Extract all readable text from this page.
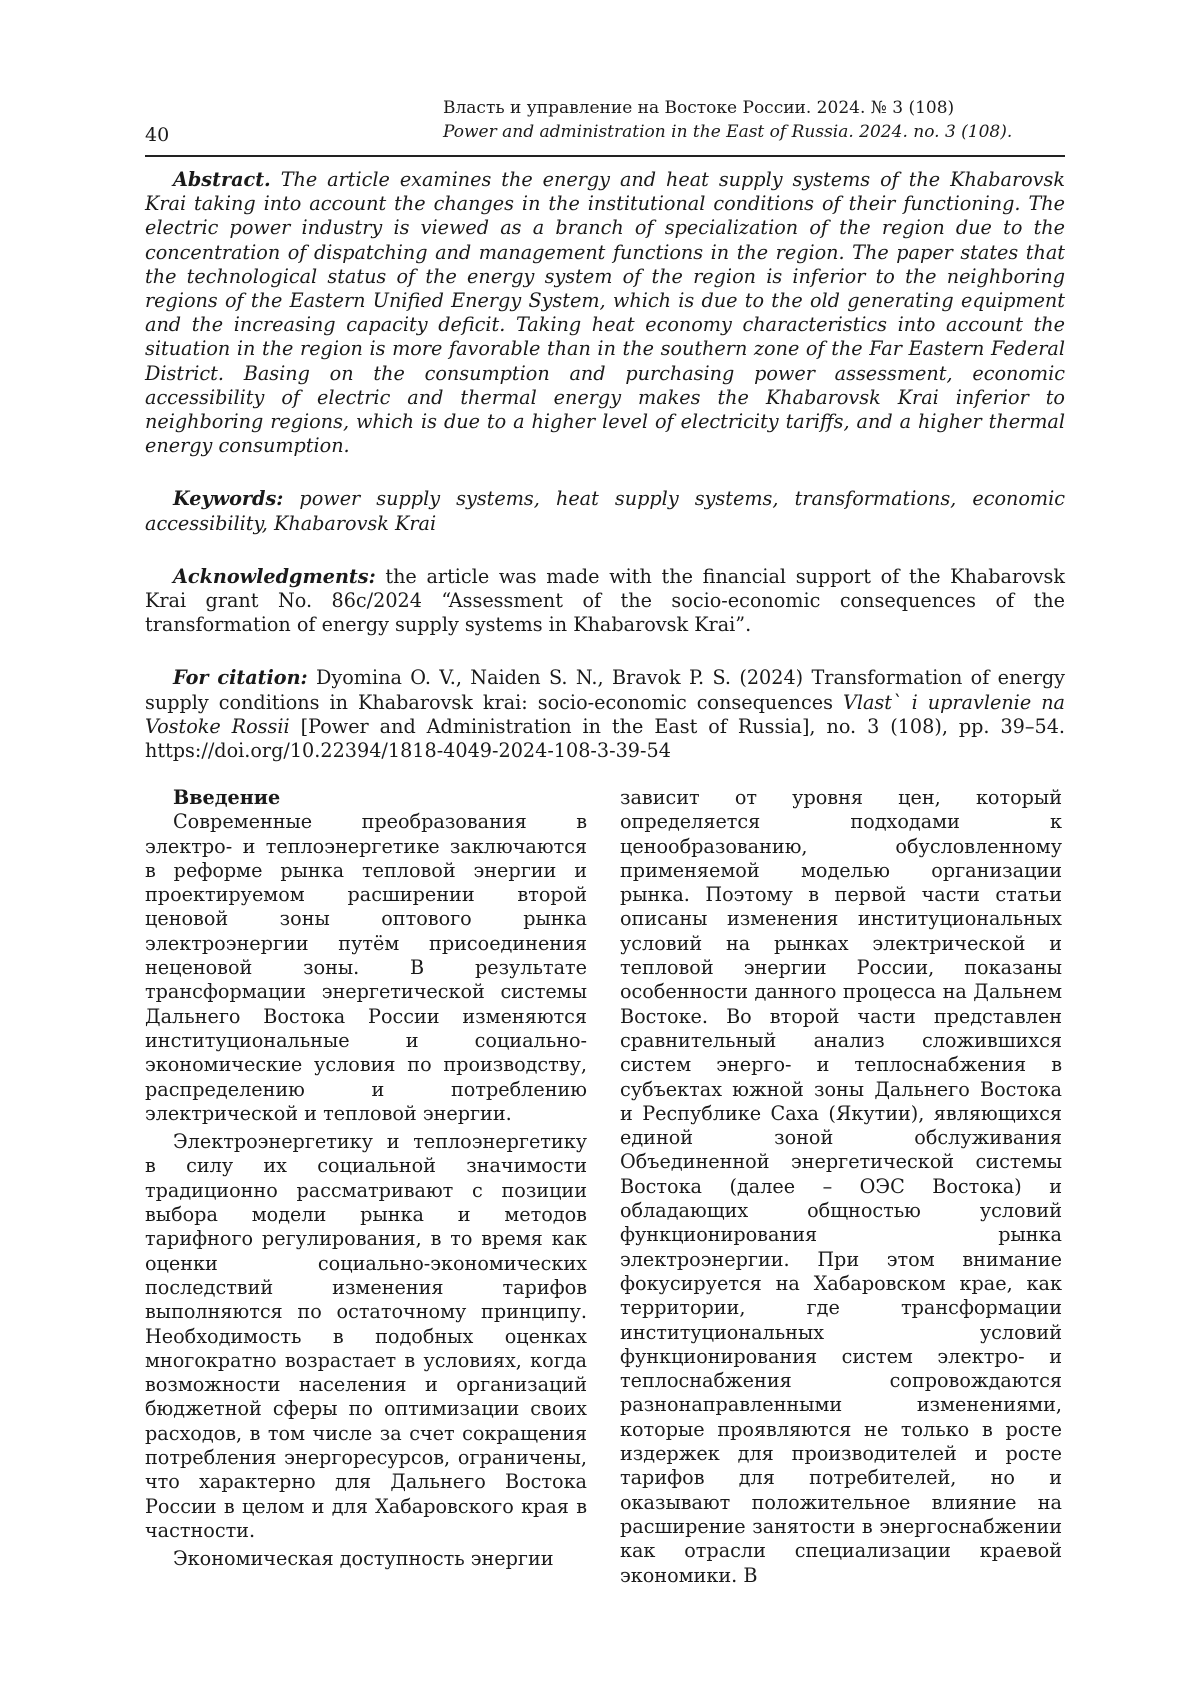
40
Власть и управление на Востоке России. 2024. № 3 (108)
Power and administration in the East of Russia. 2024. no. 3 (108).

Abstract. The article examines the energy and heat supply systems of the Khabarovsk Krai taking into account the changes in the institutional conditions of their functioning. The electric power industry is viewed as a branch of specialization of the region due to the concentration of dispatching and management functions in the region. The paper states that the technological status of the energy system of the region is inferior to the neighboring regions of the Eastern Unified Energy System, which is due to the old generating equipment and the increasing capacity deficit. Taking heat economy characteristics into account the situation in the region is more favorable than in the southern zone of the Far Eastern Federal District. Basing on the consumption and purchasing power assessment, economic accessibility of electric and thermal energy makes the Khabarovsk Krai inferior to neighboring regions, which is due to a higher level of electricity tariffs, and a higher thermal energy consumption.

Keywords: power supply systems, heat supply systems, transformations, economic accessibility, Khabarovsk Krai

Acknowledgments: the article was made with the financial support of the Khabarovsk Krai grant No. 86c/2024 “Assessment of the socio-economic consequences of the transformation of energy supply systems in Khabarovsk Krai”.

For citation: Dyomina O. V., Naiden S. N., Bravok P. S. (2024) Transformation of energy supply conditions in Khabarovsk krai: socio-economic consequences Vlast` i upravlenie na Vostoke Rossii [Power and Administration in the East of Russia], no. 3 (108), pp. 39–54. https://doi.org/10.22394/1818-4049-2024-108-3-39-54

Введение

Современные преобразования в электро- и теплоэнергетике заключаются в реформе рынка тепловой энергии и проектируемом расширении второй ценовой зоны оптового рынка электроэнергии путём присоединения неценовой зоны. В результате трансформации энергетической системы Дальнего Востока России изменяются институциональные и социально-экономические условия по производству, распределению и потреблению электрической и тепловой энергии.

Электроэнергетику и теплоэнергетику в силу их социальной значимости традиционно рассматривают с позиции выбора модели рынка и методов тарифного регулирования, в то время как оценки социально-экономических последствий изменения тарифов выполняются по остаточному принципу. Необходимость в подобных оценках многократно возрастает в условиях, когда возможности населения и организаций бюджетной сферы по оптимизации своих расходов, в том числе за счет сокращения потребления энергоресурсов, ограничены, что характерно для Дальнего Востока России в целом и для Хабаровского края в частности.

Экономическая доступность энергии

зависит от уровня цен, который определяется подходами к ценообразованию, обусловленному применяемой моделью организации рынка. Поэтому в первой части статьи описаны изменения институциональных условий на рынках электрической и тепловой энергии России, показаны особенности данного процесса на Дальнем Востоке. Во второй части представлен сравнительный анализ сложившихся систем энерго- и теплоснабжения в субъектах южной зоны Дальнего Востока и Республике Саха (Якутии), являющихся единой зоной обслуживания Объединенной энергетической системы Востока (далее – ОЭС Востока) и обладающих общностью условий функционирования рынка электроэнергии. При этом внимание фокусируется на Хабаровском крае, как территории, где трансформации институциональных условий функционирования систем электро- и теплоснабжения сопровождаются разнонаправленными изменениями, которые проявляются не только в росте издержек для производителей и росте тарифов для потребителей, но и оказывают положительное влияние на расширение занятости в энергоснабжении как отрасли специализации краевой экономики. В
